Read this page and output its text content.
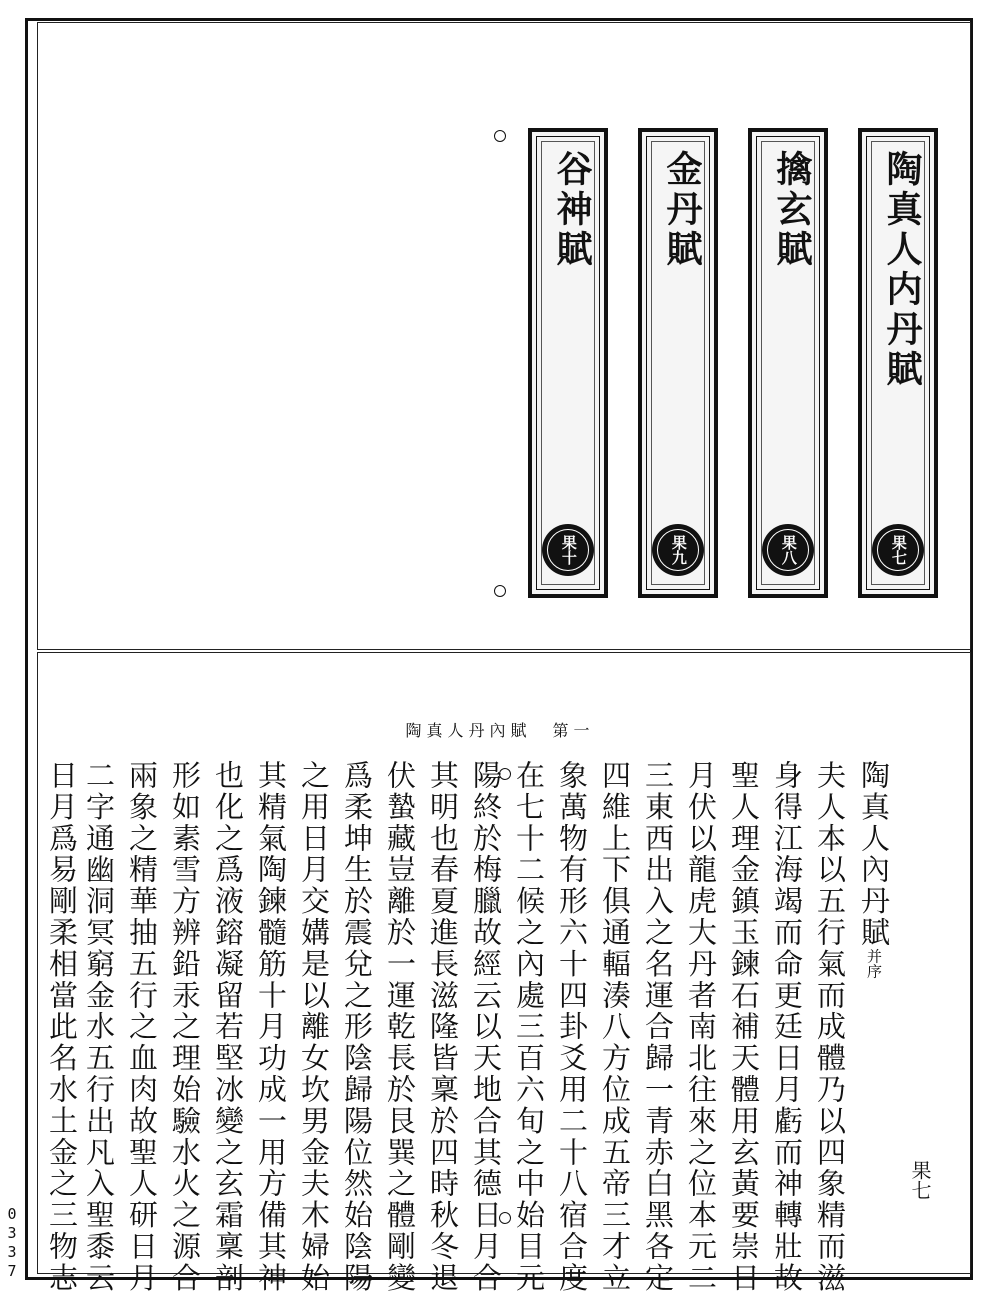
陶真人内丹賦
果七
擒玄賦
果八
金丹賦
果九
谷神賦
果十
陶真人丹內賦　第一
陶真人內丹賦并序
夫人本以五行氣而成體乃以四象精而滋
身得江海竭而命更廷日月虧而神轉壯故
聖人理金鎮玉鍊石補天體用玄黃要崇日
月伏以龍虎大丹者南北往來之位本元二
三東西出入之名運合歸一青赤白黑各定
四維上下俱通輻湊八方位成五帝三才立
象萬物有形六十四卦爻用二十八宿合度
在七十二候之內處三百六旬之中始目元
陽終於梅臘故經云以天地合其德日月合
其明也春夏進長滋隆皆稟於四時秋冬退
伏蟄藏豈離於一運乾長於艮巽之體剛變
爲柔坤生於震兌之形陰歸陽位然始陰陽
之用日月交媾是以離女坎男金夫木婦始
其精氣陶鍊髓筋十月功成一用方備其神
也化之爲液鎔凝留若堅冰變之玄霜稟剖
形如素雪方辨鉛汞之理始驗水火之源合
兩象之精華抽五行之血肉故聖人研日月
二字通幽洞冥窮金水五行出凡入聖黍云
日月爲易剛柔相當此名水土金之三物志	果七
0
3
3
7
